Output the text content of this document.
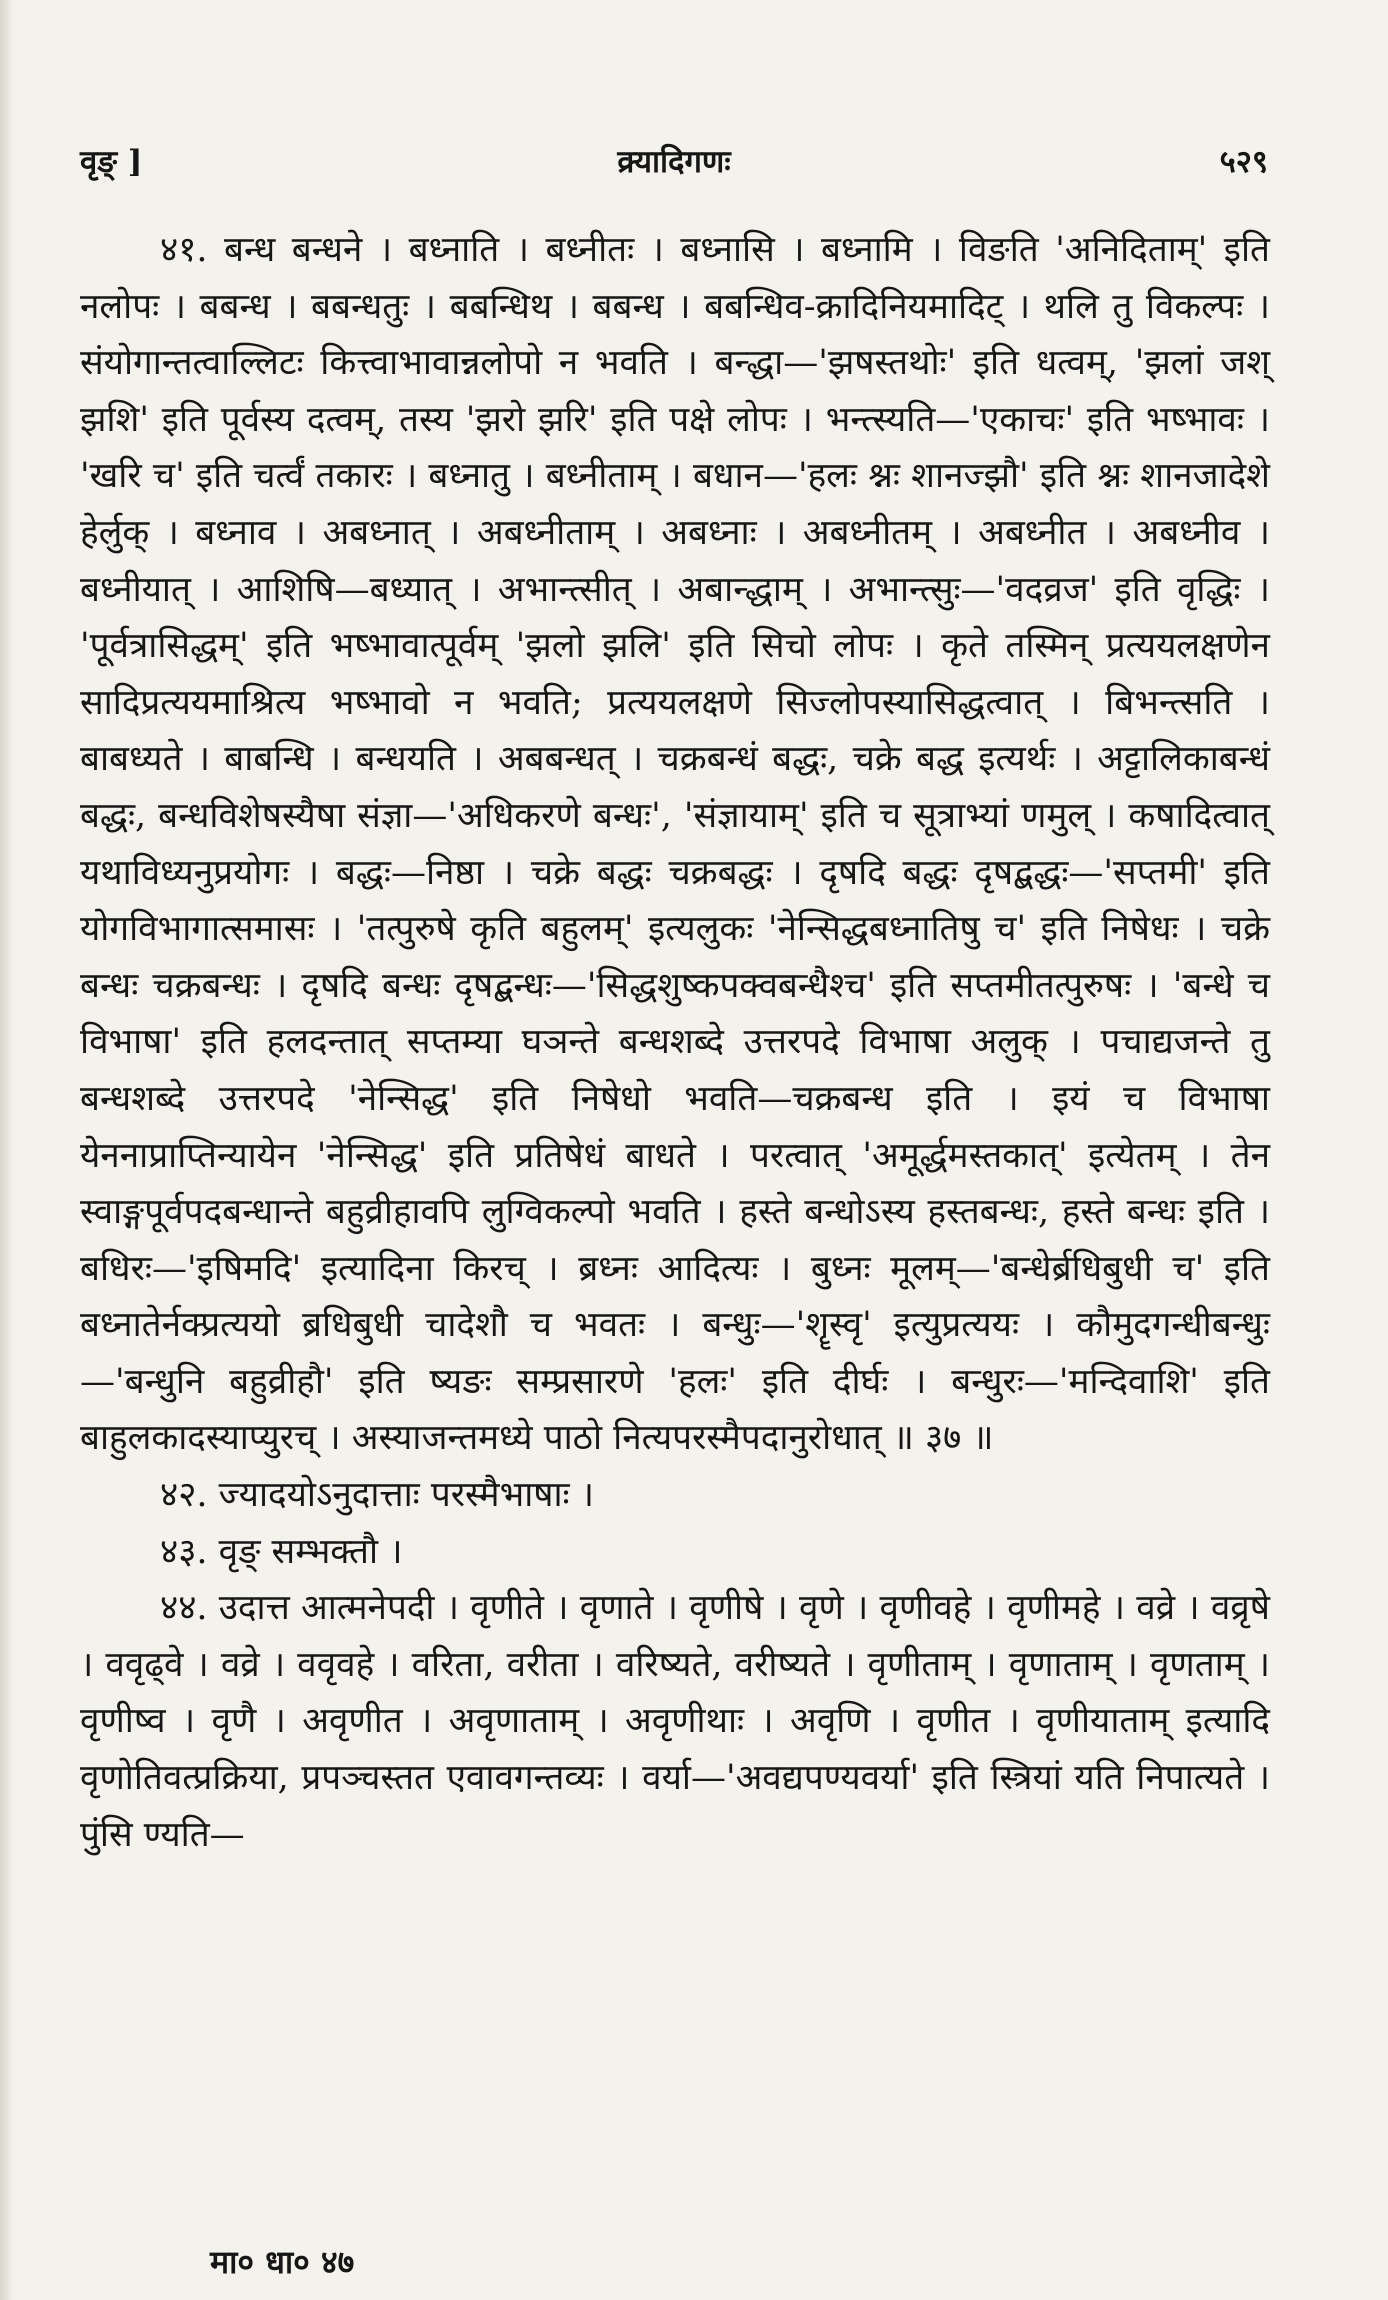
वृङ् ]	क्र्यादिगणः	५२९

४१. बन्ध बन्धने । बध्नाति । बध्नीतः । बध्नासि । बध्नामि । विङति 'अनिदिताम्' इति नलोपः । बबन्ध । बबन्धतुः । बबन्धिथ । बबन्ध । बबन्धिव-क्रादिनियमादिट् । थलि तु विकल्पः । संयोगान्तत्वाल्लिटः कित्त्वाभावान्नलोपो न भवति । बन्द्धा—'झषस्तथोः' इति धत्वम्, 'झलां जश् झशि' इति पूर्वस्य दत्वम्, तस्य 'झरो झरि' इति पक्षे लोपः । भन्त्स्यति—'एकाचः' इति भष्भावः । 'खरि च' इति चर्त्वं तकारः । बध्नातु । बध्नीताम् । बधान—'हलः श्नः शानज्झौ' इति श्नः शानजादेशे हेर्लुक् । बध्नाव । अबध्नात् । अबध्नीताम् । अबध्नाः । अबध्नीतम् । अबध्नीत । अबध्नीव । बध्नीयात् । आशिषि—बध्यात् । अभान्त्सीत् । अबान्द्धाम् । अभान्त्सुः—'वदव्रज' इति वृद्धिः । 'पूर्वत्रासिद्धम्' इति भष्भावात्पूर्वम् 'झलो झलि' इति सिचो लोपः । कृते तस्मिन् प्रत्ययलक्षणेन सादिप्रत्ययमाश्रित्य भष्भावो न भवति; प्रत्ययलक्षणे सिज्लोपस्यासिद्धत्वात् । बिभन्त्सति । बाबध्यते । बाबन्धि । बन्धयति । अबबन्धत् । चक्रबन्धं बद्धः, चक्रे बद्ध इत्यर्थः । अट्टालिकाबन्धं बद्धः, बन्धविशेषस्यैषा संज्ञा—'अधिकरणे बन्धः', 'संज्ञायाम्' इति च सूत्राभ्यां णमुल् । कषादित्वात् यथाविध्यनुप्रयोगः । बद्धः—निष्ठा । चक्रे बद्धः चक्रबद्धः । दृषदि बद्धः दृषद्बद्धः—'सप्तमी' इति योगविभागात्समासः । 'तत्पुरुषे कृति बहुलम्' इत्यलुकः 'नेन्सिद्धबध्नातिषु च' इति निषेधः । चक्रे बन्धः चक्रबन्धः । दृषदि बन्धः दृषद्बन्धः—'सिद्धशुष्कपक्वबन्धैश्च' इति सप्तमीतत्पुरुषः । 'बन्धे च विभाषा' इति हलदन्तात् सप्तम्या घञन्ते बन्धशब्दे उत्तरपदे विभाषा अलुक् । पचाद्यजन्ते तु बन्धशब्दे उत्तरपदे 'नेन्सिद्ध' इति निषेधो भवति—चक्रबन्ध इति । इयं च विभाषा येननाप्राप्तिन्यायेन 'नेन्सिद्ध' इति प्रतिषेधं बाधते । परत्वात् 'अमूर्द्धमस्तकात्' इत्येतम् । तेन स्वाङ्गपूर्वपदबन्धान्ते बहुव्रीहावपि लुग्विकल्पो भवति । हस्ते बन्धोऽस्य हस्तबन्धः, हस्ते बन्धः इति । बधिरः—'इषिमदि' इत्यादिना किरच् । ब्रध्नः आदित्यः । बुध्नः मूलम्—'बन्धेर्ब्रधिबुधी च' इति बध्नातेर्नक्प्रत्ययो ब्रधिबुधी चादेशौ च भवतः । बन्धुः—'शॄस्वृ' इत्युप्रत्ययः । कौमुदगन्धीबन्धुः—'बन्धुनि बहुव्रीहौ' इति ष्यङः सम्प्रसारणे 'हलः' इति दीर्घः । बन्धुरः—'मन्दिवाशि' इति बाहुलकादस्याप्युरच् । अस्याजन्तमध्ये पाठो नित्यपरस्मैपदानुरोधात् ॥ ३७ ॥

४२. ज्यादयोऽनुदात्ताः परस्मैभाषाः ।

४३. वृङ् सम्भक्तौ ।

४४. उदात्त आत्मनेपदी । वृणीते । वृणाते । वृणीषे । वृणे । वृणीवहे । वृणीमहे । वव्रे । वव्रृषे । ववृढ्वे । वव्रे । ववृवहे । वरिता, वरीता । वरिष्यते, वरीष्यते । वृणीताम् । वृणाताम् । वृणताम् । वृणीष्व । वृणै । अवृणीत । अवृणाताम् । अवृणीथाः । अवृणि । वृणीत । वृणीयाताम् इत्यादि वृणोतिवत्प्रक्रिया, प्रपञ्चस्तत एवावगन्तव्यः । वर्या—'अवद्यपण्यवर्या' इति स्त्रियां यति निपात्यते । पुंसि ण्यति—

मा० धा० ४७
